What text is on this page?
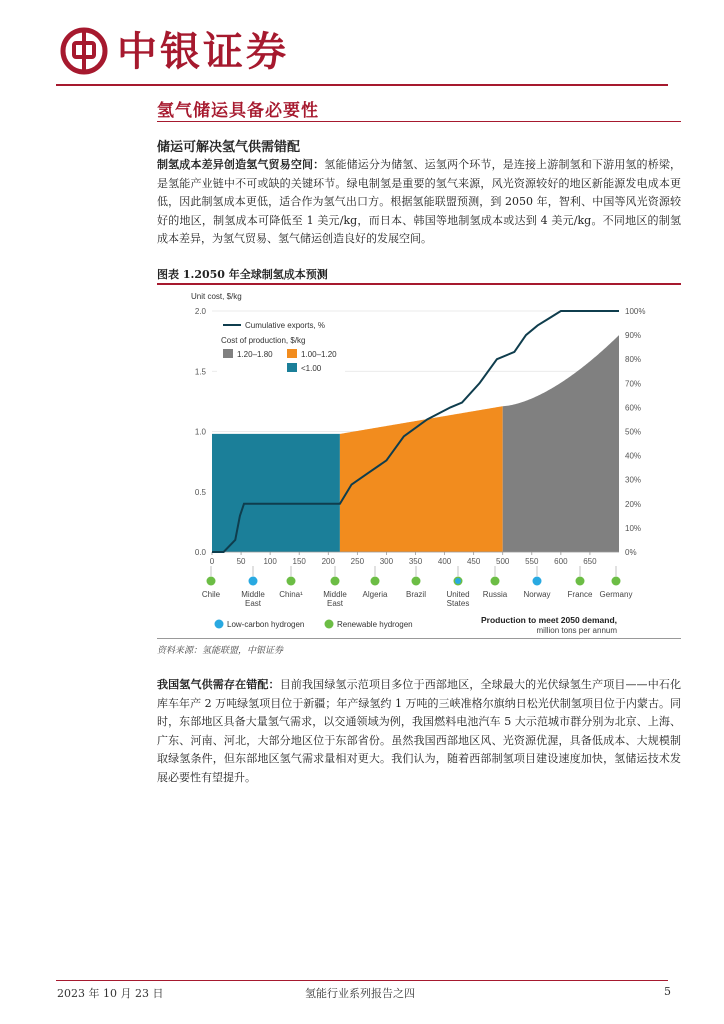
中银证券
氢气储运具备必要性
储运可解决氢气供需错配
制氢成本差异创造氢气贸易空间：氢能储运分为储氢、运氢两个环节，是连接上游制氢和下游用氢的桥梁，是氢能产业链中不可或缺的关键环节。绿电制氢是重要的氢气来源，风光资源较好的地区新能源发电成本更低，因此制氢成本更低，适合作为氢气出口方。根据氢能联盟预测，到 2050 年，智利、中国等风光资源较好的地区，制氢成本可降低至 1 美元/kg，而日本、韩国等地制氢成本或达到 4 美元/kg。不同地区的制氢成本差异，为氢气贸易、氢气储运创造良好的发展空间。
图表 1.2050 年全球制氢成本预测
Unit cost, $/kg
0.0
0.5
1.0
1.5
2.0
0%
10%
20%
30%
40%
50%
60%
70%
80%
90%
100%
0	50 100 150 200 250 300 350 400 450 500 550 600 650
Cumulative exports, %
Cost of production, $/kg
1.20–1.80	1.00–1.20
<1.00
Chile	Middle
East
China¹	Middle
East
Algeria Brazil	United
States
Russia Norway France Germany
Low-carbon hydrogen	Renewable hydrogen	Production to meet 2050 demand,
million tons per annum
资料来源：氢能联盟，中银证券
我国氢气供需存在错配：目前我国绿氢示范项目多位于西部地区，全球最大的光伏绿氢生产项目——中石化库车年产 2 万吨绿氢项目位于新疆；年产绿氢约 1 万吨的三峡准格尔旗纳日松光伏制氢项目位于内蒙古。同时，东部地区具备大量氢气需求，以交通领域为例，我国燃料电池汽车 5 大示范城市群分别为北京、上海、广东、河南、河北，大部分地区位于东部省份。虽然我国西部地区风、光资源优渥，具备低成本、大规模制取绿氢条件，但东部地区氢气需求量相对更大。我们认为，随着西部制氢项目建设速度加快，氢储运技术发展必要性有望提升。
2023 年 10 月 23 日	氢能行业系列报告之四	5
